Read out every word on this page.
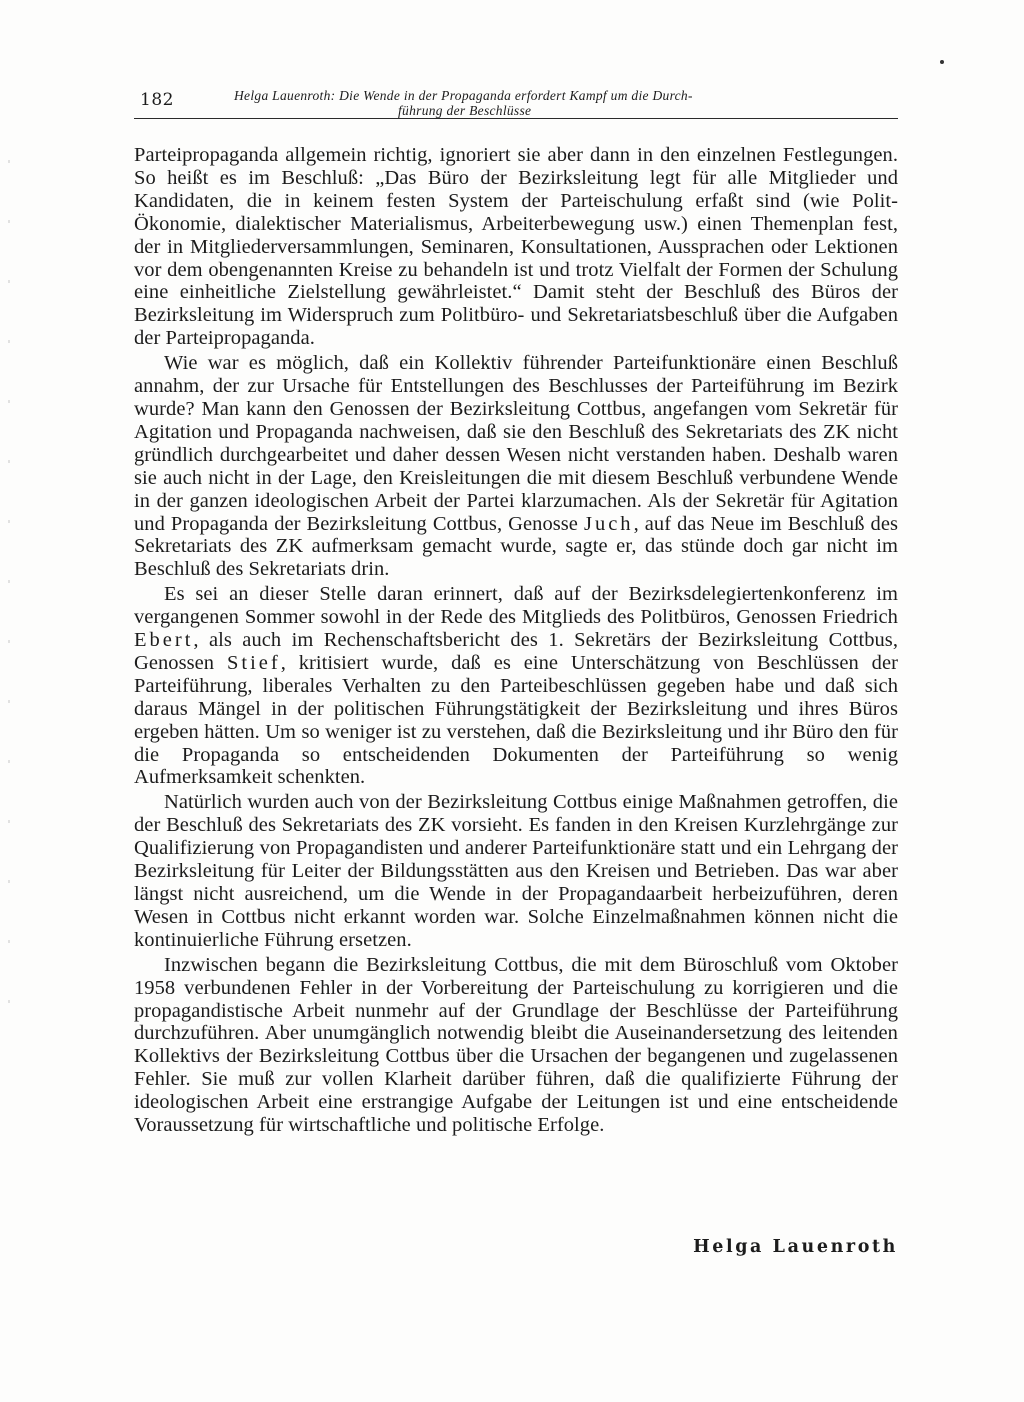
182	Helga Lauenroth: Die Wende in der Propaganda erfordert Kampf um die Durch-
führung der Beschlüsse

Parteipropaganda allgemein richtig, ignoriert sie aber dann in den einzelnen Festlegungen. So heißt es im Beschluß: „Das Büro der Bezirksleitung legt für alle Mitglieder und Kandidaten, die in keinem festen System der Parteischulung erfaßt sind (wie Polit-Ökonomie, dialektischer Materialismus, Arbeiterbewegung usw.) einen Themenplan fest, der in Mitgliederversammlungen, Seminaren, Konsultationen, Aussprachen oder Lektionen vor dem obengenannten Kreise zu behandeln ist und trotz Vielfalt der Formen der Schulung eine einheitliche Zielstellung gewährleistet.“ Damit steht der Beschluß des Büros der Bezirksleitung im Widerspruch zum Politbüro- und Sekretariatsbeschluß über die Aufgaben der Parteipropaganda.

Wie war es möglich, daß ein Kollektiv führender Parteifunktionäre einen Beschluß annahm, der zur Ursache für Entstellungen des Beschlusses der Parteiführung im Bezirk wurde? Man kann den Genossen der Bezirksleitung Cottbus, angefangen vom Sekretär für Agitation und Propaganda nachweisen, daß sie den Beschluß des Sekretariats des ZK nicht gründlich durchgearbeitet und daher dessen Wesen nicht verstanden haben. Deshalb waren sie auch nicht in der Lage, den Kreisleitungen die mit diesem Beschluß verbundene Wende in der ganzen ideologischen Arbeit der Partei klarzumachen. Als der Sekretär für Agitation und Propaganda der Bezirksleitung Cottbus, Genosse Juch, auf das Neue im Beschluß des Sekretariats des ZK aufmerksam gemacht wurde, sagte er, das stünde doch gar nicht im Beschluß des Sekretariats drin.

Es sei an dieser Stelle daran erinnert, daß auf der Bezirksdelegiertenkonferenz im vergangenen Sommer sowohl in der Rede des Mitglieds des Politbüros, Genossen Friedrich Ebert, als auch im Rechenschaftsbericht des 1. Sekretärs der Bezirksleitung Cottbus, Genossen Stief, kritisiert wurde, daß es eine Unterschätzung von Beschlüssen der Parteiführung, liberales Verhalten zu den Parteibeschlüssen gegeben habe und daß sich daraus Mängel in der politischen Führungstätigkeit der Bezirksleitung und ihres Büros ergeben hätten. Um so weniger ist zu verstehen, daß die Bezirksleitung und ihr Büro den für die Propaganda so entscheidenden Dokumenten der Parteiführung so wenig Aufmerksamkeit schenkten.

Natürlich wurden auch von der Bezirksleitung Cottbus einige Maßnahmen getroffen, die der Beschluß des Sekretariats des ZK vorsieht. Es fanden in den Kreisen Kurzlehrgänge zur Qualifizierung von Propagandisten und anderer Parteifunktionäre statt und ein Lehrgang der Bezirksleitung für Leiter der Bildungsstätten aus den Kreisen und Betrieben. Das war aber längst nicht ausreichend, um die Wende in der Propagandaarbeit herbeizuführen, deren Wesen in Cottbus nicht erkannt worden war. Solche Einzelmaßnahmen können nicht die kontinuierliche Führung ersetzen.

Inzwischen begann die Bezirksleitung Cottbus, die mit dem Büroschluß vom Oktober 1958 verbundenen Fehler in der Vorbereitung der Parteischulung zu korrigieren und die propagandistische Arbeit nunmehr auf der Grundlage der Beschlüsse der Parteiführung durchzuführen. Aber unumgänglich notwendig bleibt die Auseinandersetzung des leitenden Kollektivs der Bezirksleitung Cottbus über die Ursachen der begangenen und zugelassenen Fehler. Sie muß zur vollen Klarheit darüber führen, daß die qualifizierte Führung der ideologischen Arbeit eine erstrangige Aufgabe der Leitungen ist und eine entscheidende Voraussetzung für wirtschaftliche und politische Erfolge.

Helga Lauenroth
